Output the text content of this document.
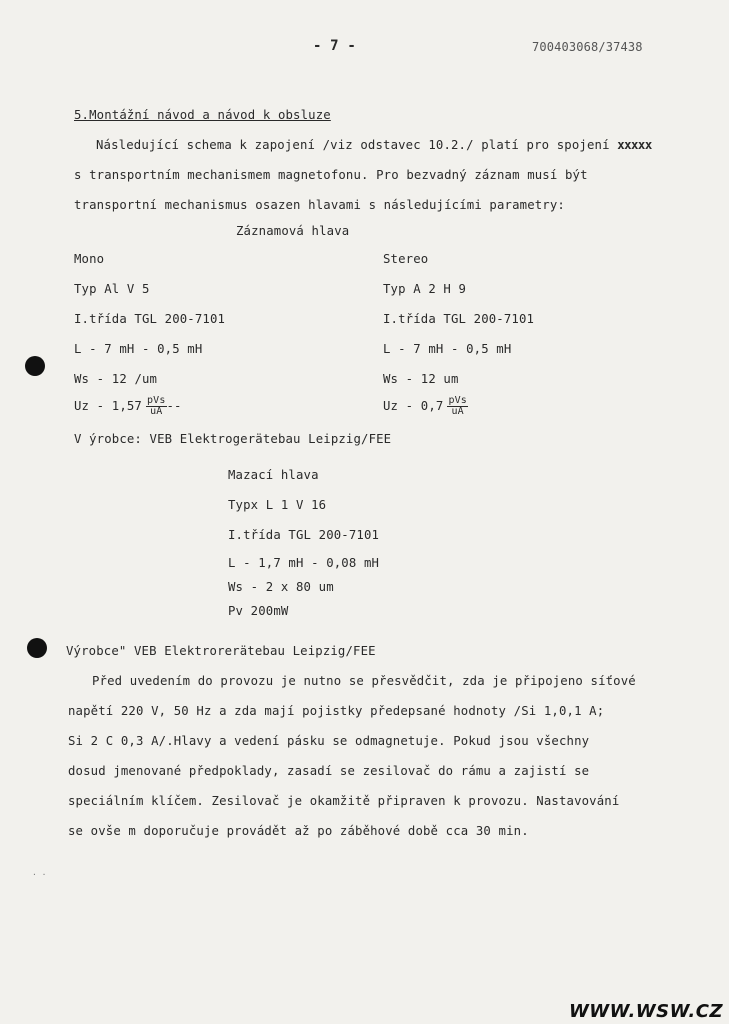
- 7 -	700403068/37438
5.Montážní návod a návod k obsluze
Následující schema k zapojení /viz odstavec 10.2./ platí pro spojení xxxxx
s transportním mechanismem magnetofonu. Pro bezvadný záznam musí být
transportní mechanismus osazen hlavami s následujícími parametry:
Záznamová hlava
Mono
Typ Al V 5
I.třída TGL 200-7101
L - 7 mH - 0,5 mH
Ws - 12 /um
Uz - $1,57 \frac{\text{pVs}}{uA}$ --
Stereo
Typ A 2 H 9
I.třída TGL 200-7101
L - 7 mH - 0,5 mH
Ws - 12 um
Uz - $0,7 \frac{\text{pVs}}{uA}$
V ýrobce: VEB Elektrogerätebau Leipzig/FEE
Mazací hlava
Typx L 1 V 16
I.třída TGL 200-7101
L - 1,7 mH - 0,08 mH
Ws - 2 x 80 um
Pv 200mW
Výrobce" VEB Elektrorerätebau Leipzig/FEE
Před uvedením do provozu je nutno se přesvědčit, zda je připojeno síťové
napětí 220 V, 50 Hz a zda mají pojistky předepsané hodnoty /Si 1,0,1 A;
Si 2 C 0,3 A/.Hlavy a vedení pásku se odmagnetuje. Pokud jsou všechny
dosud jmenované předpoklady, zasadí se zesilovač do rámu a zajistí se
speciálním klíčem. Zesilovač je okamžitě připraven k provozu. Nastavování
se ovše m doporučuje provádět až po záběhové době cca 30 min.
. .
WWW.WSW.CZ
